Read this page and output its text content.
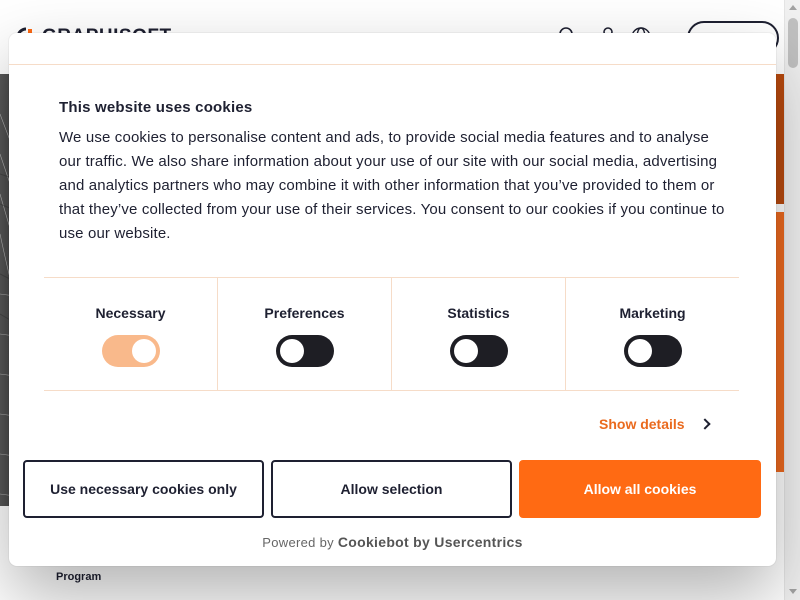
Program
This website uses cookies
We use cookies to personalise content and ads, to provide social media features and to analyse our traffic. We also share information about your use of our site with our social media, advertising and analytics partners who may combine it with other information that you’ve provided to them or that they’ve collected from your use of their services. You consent to our cookies if you continue to use our website.
Necessary	Preferences	Statistics	Marketing
Show details
Use necessary cookies only	Allow selection	Allow all cookies
Powered by Cookiebot by Usercentrics
